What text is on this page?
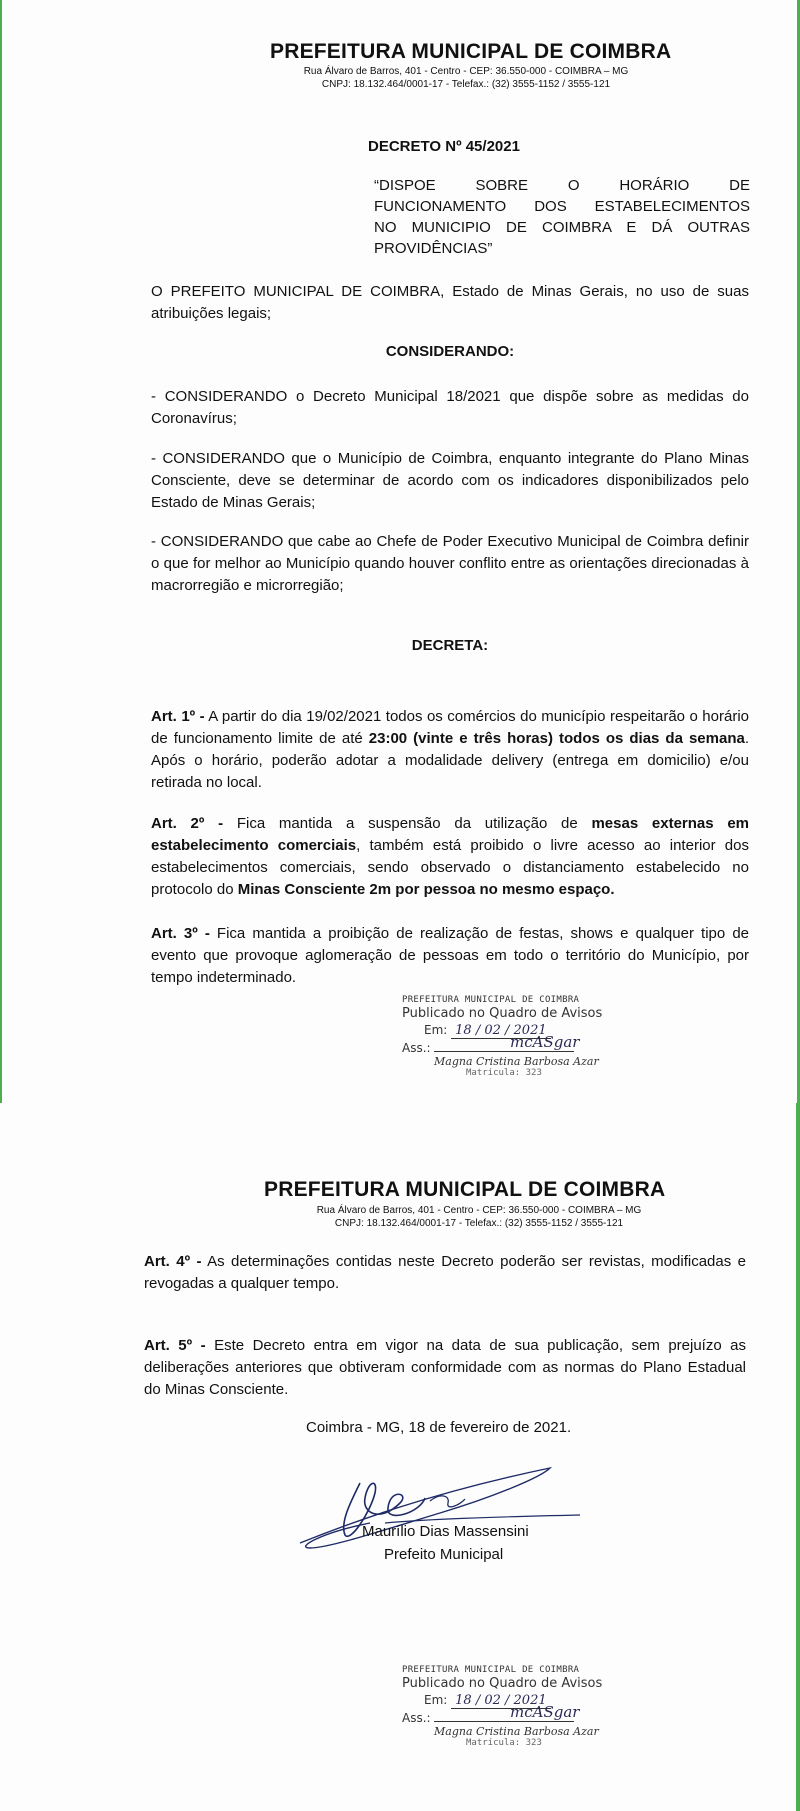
PREFEITURA MUNICIPAL DE COIMBRA
Rua Álvaro de Barros, 401 - Centro - CEP: 36.550-000 - COIMBRA – MG
CNPJ: 18.132.464/0001-17 - Telefax.: (32) 3555-1152 / 3555-121
DECRETO Nº 45/2021
“DISPOE SOBRE O HORÁRIO DE
FUNCIONAMENTO DOS ESTABELECIMENTOS
NO MUNICIPIO DE COIMBRA E DÁ OUTRAS
PROVIDÊNCIAS”
O PREFEITO MUNICIPAL DE COIMBRA, Estado de Minas Gerais, no uso de suas atribuições legais;
CONSIDERANDO:
- CONSIDERANDO o Decreto Municipal 18/2021 que dispõe sobre as medidas do Coronavírus;
- CONSIDERANDO que o Município de Coimbra, enquanto integrante do Plano Minas Consciente, deve se determinar de acordo com os indicadores disponibilizados pelo Estado de Minas Gerais;
- CONSIDERANDO que cabe ao Chefe de Poder Executivo Municipal de Coimbra definir o que for melhor ao Município quando houver conflito entre as orientações direcionadas à macrorregião e microrregião;
DECRETA:
Art. 1º - A partir do dia 19/02/2021 todos os comércios do município respeitarão o horário de funcionamento limite de até 23:00 (vinte e três horas) todos os dias da semana. Após o horário, poderão adotar a modalidade delivery (entrega em domicilio) e/ou retirada no local.
Art. 2º - Fica mantida a suspensão da utilização de mesas externas em estabelecimento comerciais, também está proibido o livre acesso ao interior dos estabelecimentos comerciais, sendo observado o distanciamento estabelecido no protocolo do Minas Consciente 2m por pessoa no mesmo espaço.
Art. 3º - Fica mantida a proibição de realização de festas, shows e qualquer tipo de evento que provoque aglomeração de pessoas em todo o território do Município, por tempo indeterminado.
PREFEITURA MUNICIPAL DE COIMBRA
Publicado no Quadro de Avisos
Em: 18 / 02 / 2021
Ass.:	mcASgar
Magna Cristina Barbosa Azar
Matrícula: 323
PREFEITURA MUNICIPAL DE COIMBRA
Rua Álvaro de Barros, 401 - Centro - CEP: 36.550-000 - COIMBRA – MG
CNPJ: 18.132.464/0001-17 - Telefax.: (32) 3555-1152 / 3555-121
Art. 4º - As determinações contidas neste Decreto poderão ser revistas, modificadas e revogadas a qualquer tempo.
Art. 5º - Este Decreto entra em vigor na data de sua publicação, sem prejuízo as deliberações anteriores que obtiveram conformidade com as normas do Plano Estadual do Minas Consciente.
Coimbra - MG, 18 de fevereiro de 2021.
Maurílio Dias Massensini
Prefeito Municipal
PREFEITURA MUNICIPAL DE COIMBRA
Publicado no Quadro de Avisos
Em: 18 / 02 / 2021
Ass.:	mcASgar
Magna Cristina Barbosa Azar
Matrícula: 323
